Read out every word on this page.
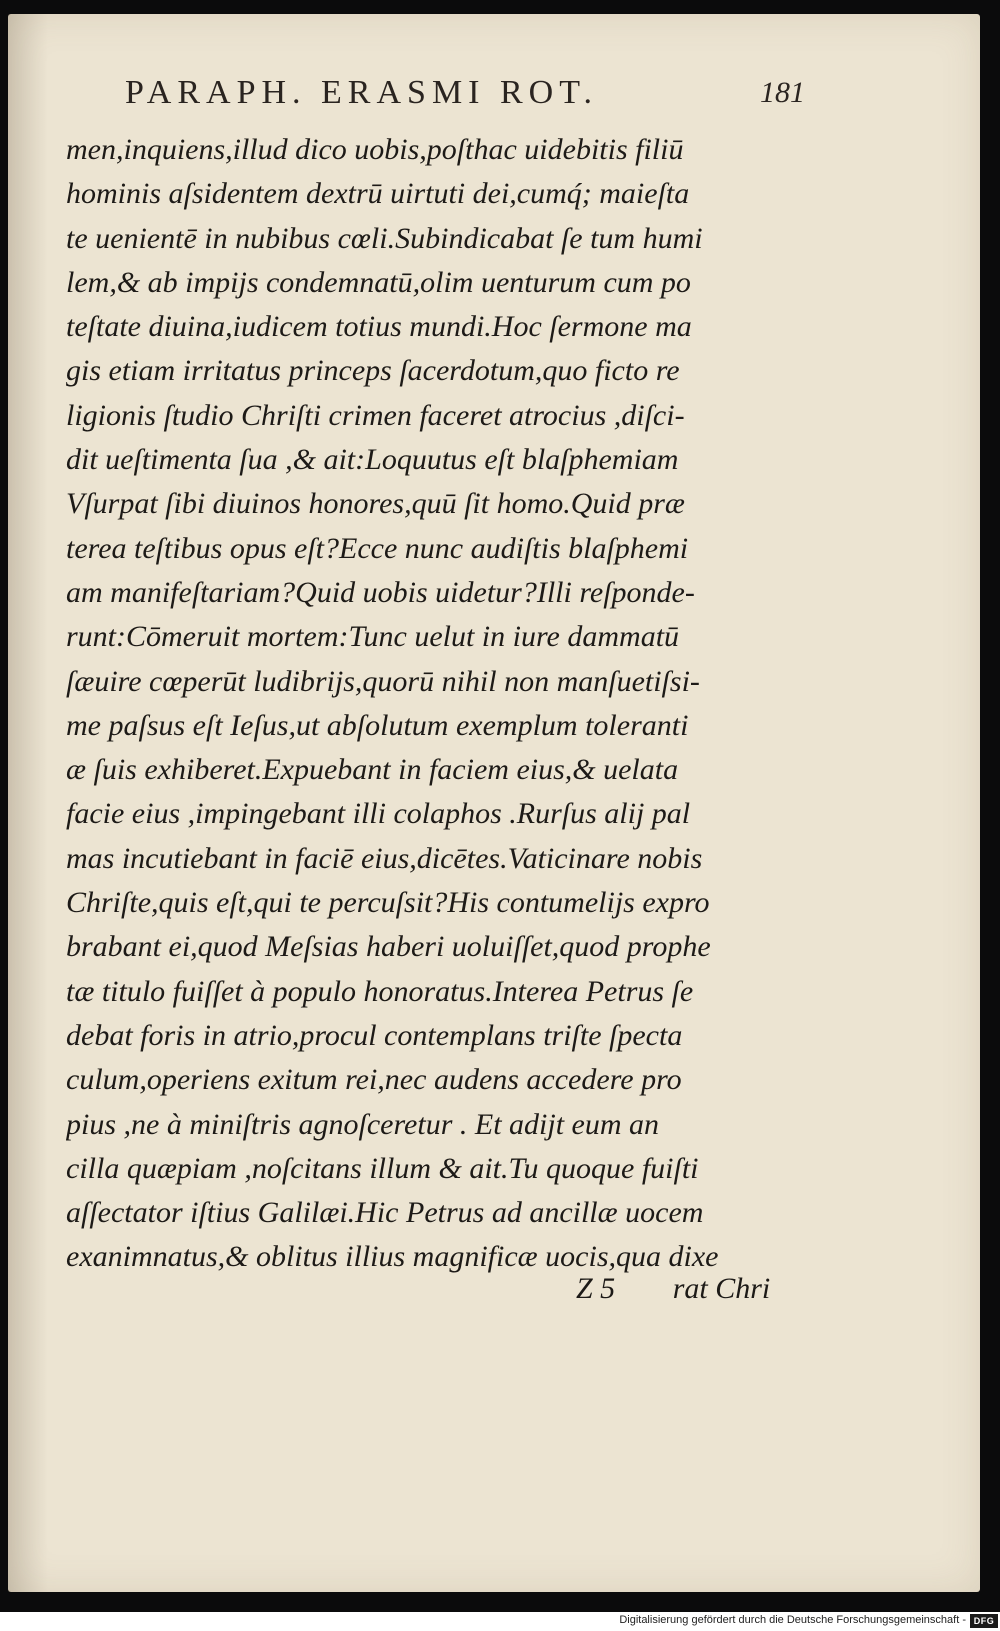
PARAPH. ERASMI ROT.	181
men,inquiens,illud dico uobis,poſthac uidebitis filiū
hominis aſsidentem dextrū uirtuti dei,cumq́; maieſta
te uenientē in nubibus cœli.Subindicabat ſe tum humi
lem,& ab impijs condemnatū,olim uenturum cum po
teſtate diuina,iudicem totius mundi.Hoc ſermone ma
gis etiam irritatus princeps ſacerdotum,quo ficto re
ligionis ſtudio Chriſti crimen faceret atrocius ,diſci-
dit ueſtimenta ſua ,& ait:Loquutus eſt blaſphemiam
Vſurpat ſibi diuinos honores,quū ſit homo.Quid præ
terea teſtibus opus eſt?Ecce nunc audiſtis blaſphemi
am manifeſtariam?Quid uobis uidetur?Illi reſponde-
runt:Cōmeruit mortem:Tunc uelut in iure dammatū
ſæuire cœperūt ludibrijs,quorū nihil non manſuetiſsi-
me paſsus eſt Ieſus,ut abſolutum exemplum toleranti
æ ſuis exhiberet.Expuebant in faciem eius,& uelata
facie eius ,impingebant illi colaphos .Rurſus alij pal
mas incutiebant in faciē eius,dicētes.Vaticinare nobis
Chriſte,quis eſt,qui te percuſsit?His contumelijs expro
brabant ei,quod Meſsias haberi uoluiſſet,quod prophe
tæ titulo fuiſſet à populo honoratus.Interea Petrus ſe
debat foris in atrio,procul contemplans triſte ſpecta
culum,operiens exitum rei,nec audens accedere pro
pius ,ne à miniſtris agnoſceretur . Et adijt eum an
cilla quæpiam ,noſcitans illum & ait.Tu quoque fuiſti
aſſectator iſtius Galilæi.Hic Petrus ad ancillæ uocem
exanimnatus,& oblitus illius magnificæ uocis,qua dixe
Z 5 rat Chri
Digitalisierung gefördert durch die Deutsche Forschungsgemeinschaft - DFG
